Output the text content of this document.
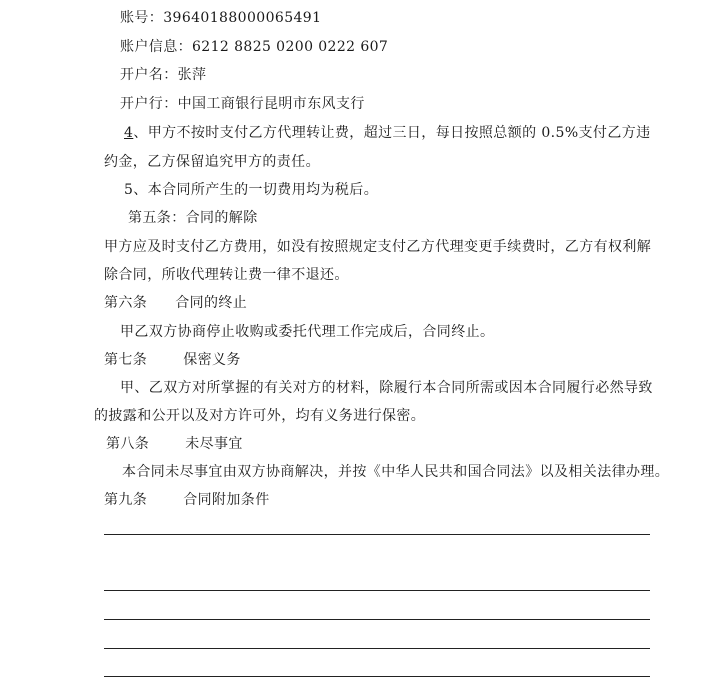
账号：39640188000065491
账户信息：6212 8825 0200 0222 607
开户名：张萍
开户行：中国工商银行昆明市东风支行
4、甲方不按时支付乙方代理转让费，超过三日，每日按照总额的 0.5%支付乙方违
约金，乙方保留追究甲方的责任。
5、本合同所产生的一切费用均为税后。
第五条：合同的解除
甲方应及时支付乙方费用，如没有按照规定支付乙方代理变更手续费时，乙方有权利解
除合同，所收代理转让费一律不退还。
第六条 合同的终止
甲乙双方协商停止收购或委托代理工作完成后，合同终止。
第七条	保密义务
甲、乙双方对所掌握的有关对方的材料，除履行本合同所需或因本合同履行必然导致
的披露和公开以及对方许可外，均有义务进行保密。
第八条	未尽事宜
本合同未尽事宜由双方协商解决，并按《中华人民共和国合同法》以及相关法律办理。
第九条	合同附加条件
